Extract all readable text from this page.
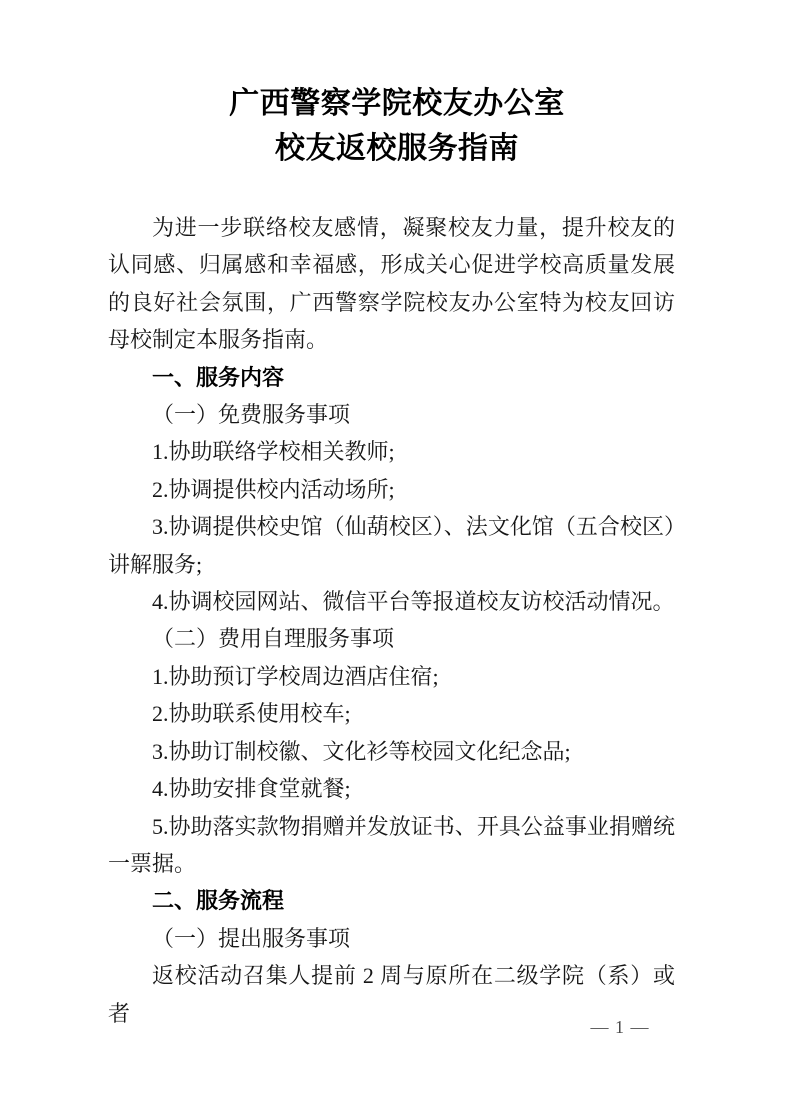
广西警察学院校友办公室
校友返校服务指南

为进一步联络校友感情，凝聚校友力量，提升校友的认同感、归属感和幸福感，形成关心促进学校高质量发展的良好社会氛围，广西警察学院校友办公室特为校友回访母校制定本服务指南。

一、服务内容

（一）免费服务事项

1.协助联络学校相关教师;

2.协调提供校内活动场所;

3.协调提供校史馆（仙葫校区）、法文化馆（五合校区）讲解服务;

4.协调校园网站、微信平台等报道校友访校活动情况。

（二）费用自理服务事项

1.协助预订学校周边酒店住宿;

2.协助联系使用校车;

3.协助订制校徽、文化衫等校园文化纪念品;

4.协助安排食堂就餐;

5.协助落实款物捐赠并发放证书、开具公益事业捐赠统一票据。

二、服务流程

（一）提出服务事项

返校活动召集人提前 2 周与原所在二级学院（系）或者

— 1 —
